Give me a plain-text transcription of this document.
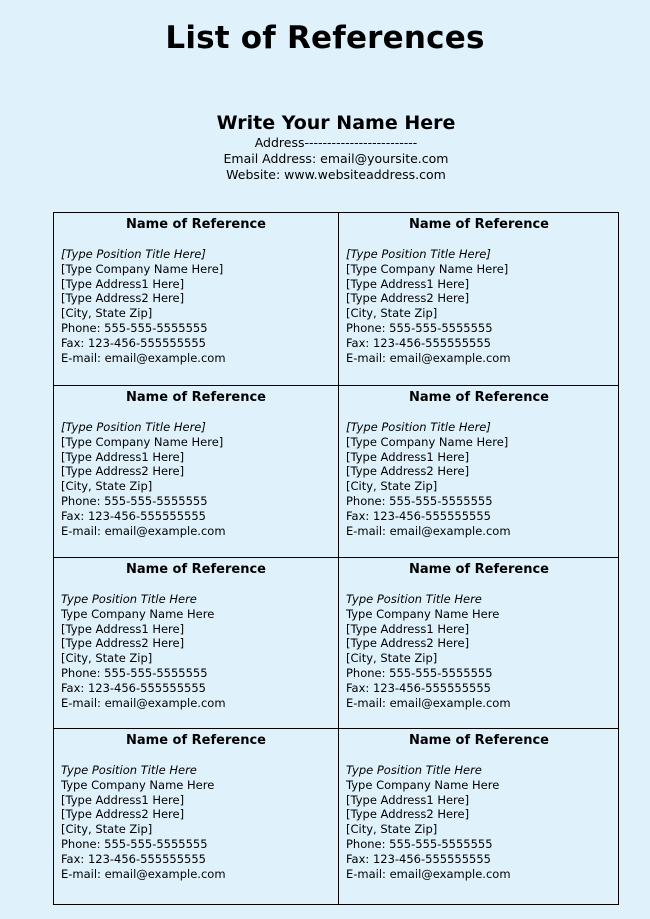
List of References
Write Your Name Here
Address-------------------------
Email Address: email@yoursite.com
Website: www.websiteaddress.com
Name of Reference
[Type Position Title Here]
[Type Company Name Here]
[Type Address1 Here]
[Type Address2 Here]
[City, State Zip]
Phone: 555-555-5555555
Fax: 123-456-555555555
E-mail: email@example.com
Name of Reference
[Type Position Title Here]
[Type Company Name Here]
[Type Address1 Here]
[Type Address2 Here]
[City, State Zip]
Phone: 555-555-5555555
Fax: 123-456-555555555
E-mail: email@example.com
Name of Reference
[Type Position Title Here]
[Type Company Name Here]
[Type Address1 Here]
[Type Address2 Here]
[City, State Zip]
Phone: 555-555-5555555
Fax: 123-456-555555555
E-mail: email@example.com
Name of Reference
[Type Position Title Here]
[Type Company Name Here]
[Type Address1 Here]
[Type Address2 Here]
[City, State Zip]
Phone: 555-555-5555555
Fax: 123-456-555555555
E-mail: email@example.com
Name of Reference
Type Position Title Here
Type Company Name Here
[Type Address1 Here]
[Type Address2 Here]
[City, State Zip]
Phone: 555-555-5555555
Fax: 123-456-555555555
E-mail: email@example.com
Name of Reference
Type Position Title Here
Type Company Name Here
[Type Address1 Here]
[Type Address2 Here]
[City, State Zip]
Phone: 555-555-5555555
Fax: 123-456-555555555
E-mail: email@example.com
Name of Reference
Type Position Title Here
Type Company Name Here
[Type Address1 Here]
[Type Address2 Here]
[City, State Zip]
Phone: 555-555-5555555
Fax: 123-456-555555555
E-mail: email@example.com
Name of Reference
Type Position Title Here
Type Company Name Here
[Type Address1 Here]
[Type Address2 Here]
[City, State Zip]
Phone: 555-555-5555555
Fax: 123-456-555555555
E-mail: email@example.com
